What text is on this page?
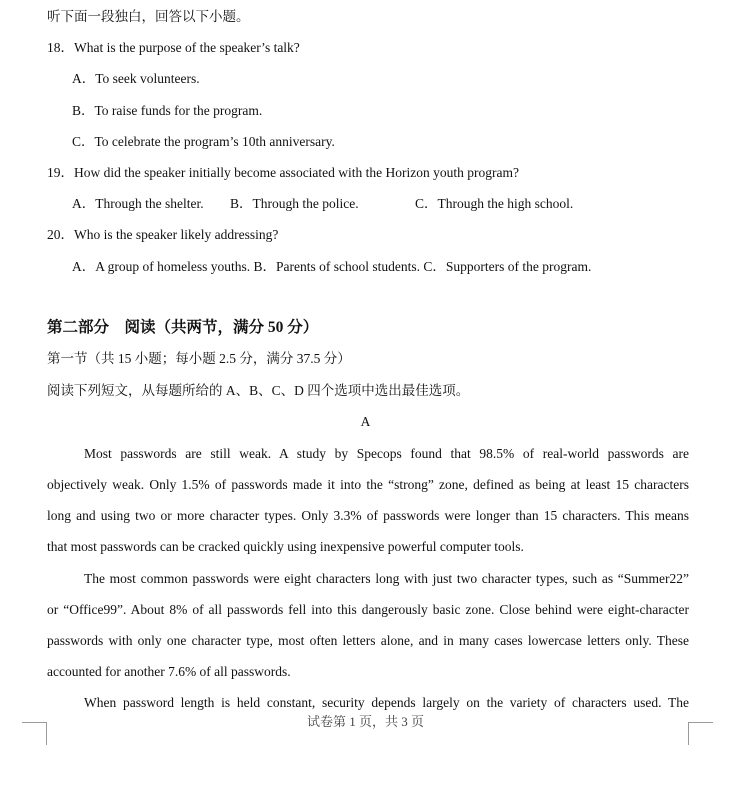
听下面一段独白，回答以下小题。
18．What is the purpose of the speaker’s talk?
A．To seek volunteers.
B．To raise funds for the program.
C．To celebrate the program’s 10th anniversary.
19．How did the speaker initially become associated with the Horizon youth program?
A．Through the shelter. B．Through the police.	C．Through the high school.
20．Who is the speaker likely addressing?
A．A group of homeless youths. B．Parents of school students. C．Supporters of the program.
第二部分　阅读（共两节，满分 50 分）
第一节（共 15 小题；每小题 2.5 分，满分 37.5 分）
阅读下列短文，从每题所给的 A、B、C、D 四个选项中选出最佳选项。
A
Most passwords are still weak. A study by Specops found that 98.5% of real-world passwords are
objectively weak. Only 1.5% of passwords made it into the “strong” zone, defined as being at least 15 characters
long and using two or more character types. Only 3.3% of passwords were longer than 15 characters. This means
that most passwords can be cracked quickly using inexpensive powerful computer tools.
The most common passwords were eight characters long with just two character types, such as “Summer22”
or “Office99”. About 8% of all passwords fell into this dangerously basic zone. Close behind were eight-character
passwords with only one character type, most often letters alone, and in many cases lowercase letters only. These
accounted for another 7.6% of all passwords.
When password length is held constant, security depends largely on the variety of characters used. The
试卷第 1 页，共 3 页
